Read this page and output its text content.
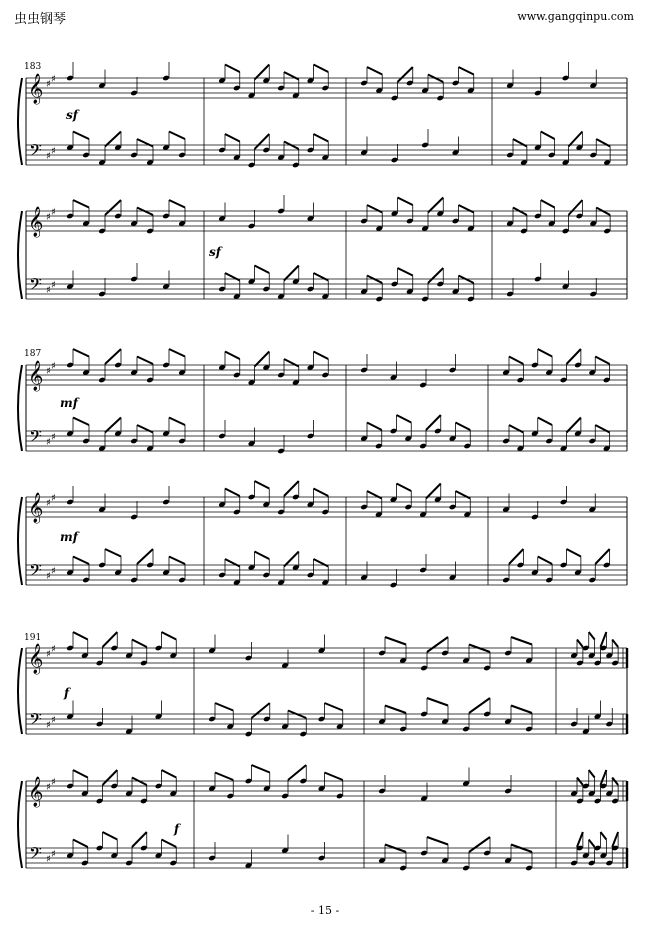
虫虫钢琴	www.gangqinpu.com
183
187
191
sf
sf
mf
mf
f
f
𝄞 ♯ ♯
𝄢 ♯ ♯
𝄞 ♯ ♯
𝄢 ♯ ♯
𝄞 ♯ ♯
𝄢 ♯ ♯
𝄞 ♯ ♯
𝄢 ♯ ♯
𝄞 ♯ ♯
𝄢 ♯ ♯
𝄞 ♯ ♯
𝄢 ♯ ♯
- 15 -
